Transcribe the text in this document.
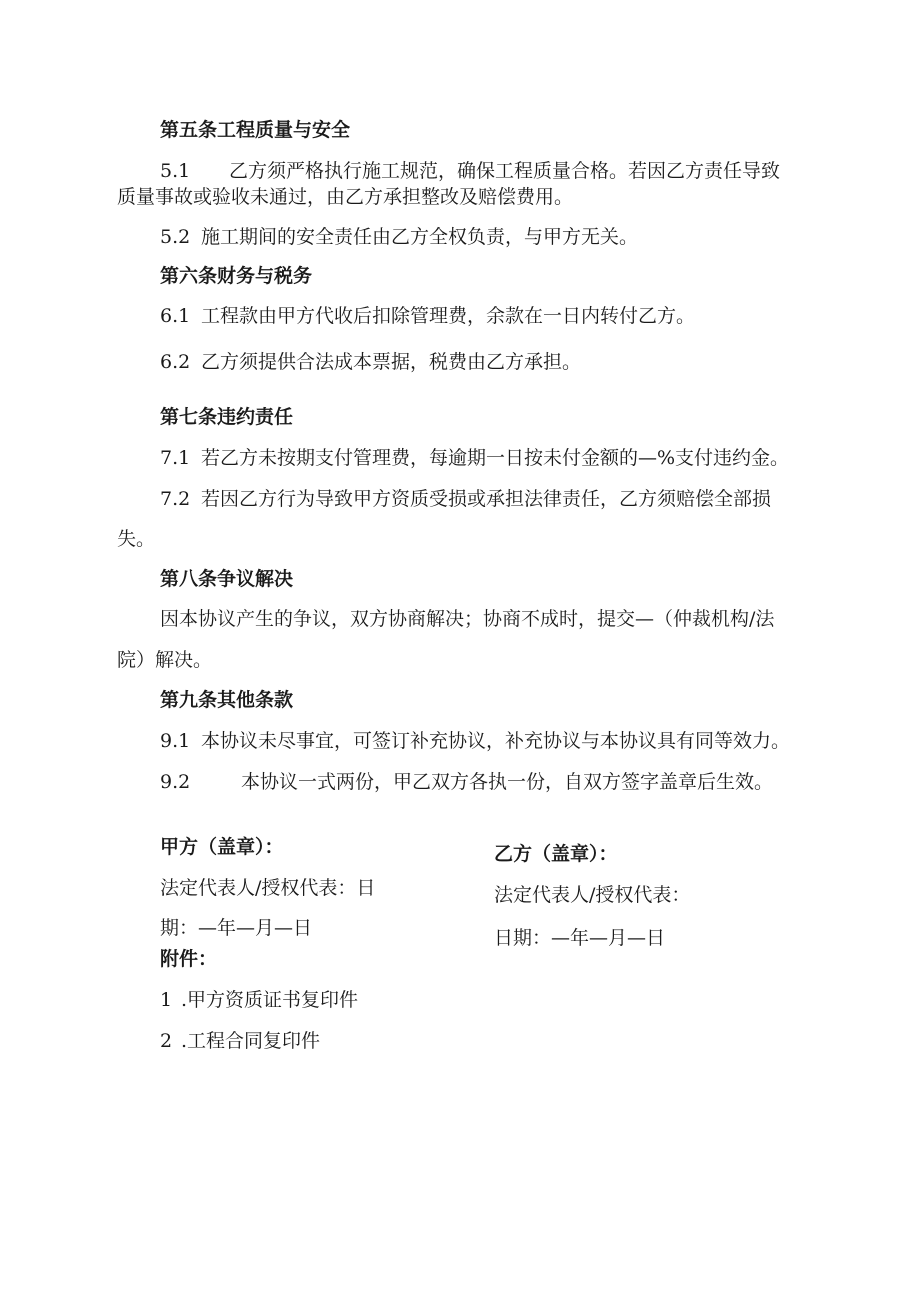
第五条工程质量与安全
5.1 乙方须严格执行施工规范，确保工程质量合格。若因乙方责任导致
质量事故或验收未通过，由乙方承担整改及赔偿费用。
5.2 施工期间的安全责任由乙方全权负责，与甲方无关。
第六条财务与税务
6.1 工程款由甲方代收后扣除管理费，余款在一日内转付乙方。
6.2 乙方须提供合法成本票据，税费由乙方承担。
第七条违约责任
7.1 若乙方未按期支付管理费，每逾期一日按未付金额的—%支付违约金。
7.2 若因乙方行为导致甲方资质受损或承担法律责任，乙方须赔偿全部损
失。
第八条争议解决
因本协议产生的争议，双方协商解决；协商不成时，提交—（仲裁机构/法
院）解决。
第九条其他条款
9.1 本协议未尽事宜，可签订补充协议，补充协议与本协议具有同等效力。
9.2	本协议一式两份，甲乙双方各执一份，自双方签字盖章后生效。
甲方（盖章）：
法定代表人/授权代表：日
期：—年—月—日
乙方（盖章）：
法定代表人/授权代表：
日期：—年—月—日
附件：
1 .甲方资质证书复印件
2 .工程合同复印件
